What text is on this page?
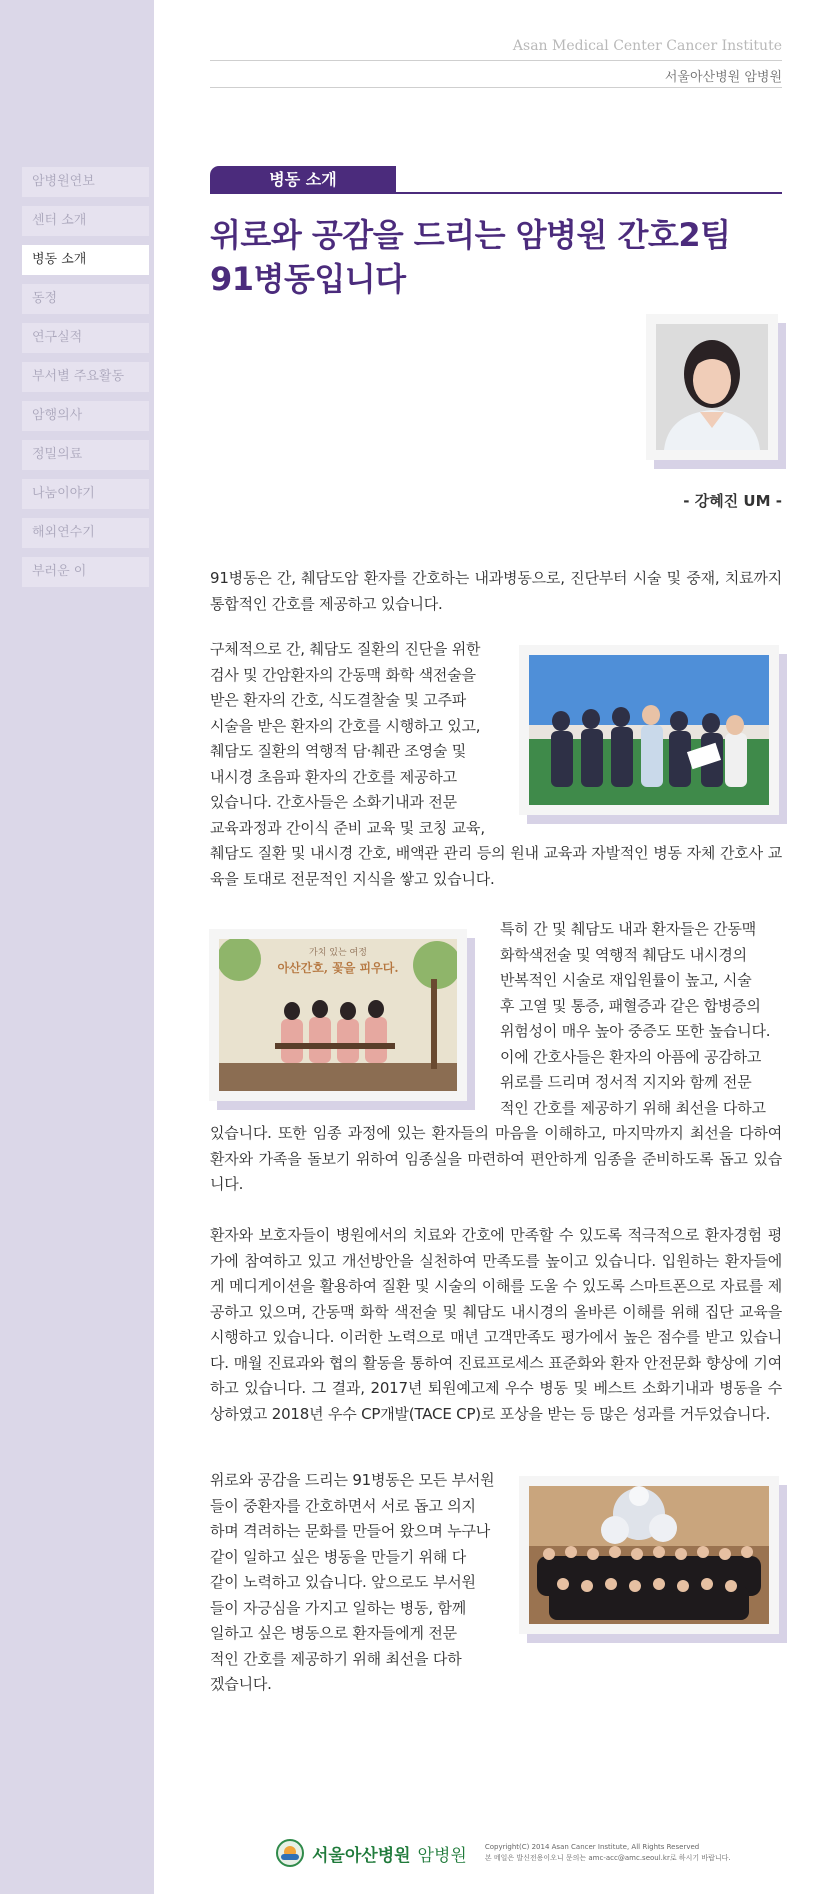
암병원연보
센터 소개
병동 소개
동정
연구실적
부서별 주요활동
암행의사
정밀의료
나눔이야기
해외연수기
부러운 이
Asan Medical Center Cancer Institute
서울아산병원 암병원
병동 소개
위로와 공감을 드리는 암병원 간호2팀
91병동입니다
- 강혜진 UM -
91병동은 간, 췌담도암 환자를 간호하는 내과병동으로, 진단부터 시술 및 중재, 치료까지 통합적인 간호를 제공하고 있습니다.
구체적으로 간, 췌담도 질환의 진단을 위한
검사 및 간암환자의 간동맥 화학 색전술을
받은 환자의 간호, 식도결찰술 및 고주파
시술을 받은 환자의 간호를 시행하고 있고,
췌담도 질환의 역행적 담·췌관 조영술 및
내시경 초음파 환자의 간호를 제공하고
있습니다. 간호사들은 소화기내과 전문
교육과정과 간이식 준비 교육 및 코칭 교육,
췌담도 질환 및 내시경 간호, 배액관 관리 등의 원내 교육과 자발적인 병동 자체 간호사 교육을 토대로 전문적인 지식을 쌓고 있습니다.
가치 있는 여정
아산간호, 꽃을 피우다.
특히 간 및 췌담도 내과 환자들은 간동맥
화학색전술 및 역행적 췌담도 내시경의
반복적인 시술로 재입원률이 높고, 시술
후 고열 및 통증, 패혈증과 같은 합병증의
위험성이 매우 높아 중증도 또한 높습니다.
이에 간호사들은 환자의 아픔에 공감하고
위로를 드리며 정서적 지지와 함께 전문
적인 간호를 제공하기 위해 최선을 다하고
있습니다. 또한 임종 과정에 있는 환자들의 마음을 이해하고, 마지막까지 최선을 다하여 환자와 가족을 돌보기 위하여 임종실을 마련하여 편안하게 임종을 준비하도록 돕고 있습니다.
환자와 보호자들이 병원에서의 치료와 간호에 만족할 수 있도록 적극적으로 환자경험 평가에 참여하고 있고 개선방안을 실천하여 만족도를 높이고 있습니다. 입원하는 환자들에게 메디게이션을 활용하여 질환 및 시술의 이해를 도울 수 있도록 스마트폰으로 자료를 제공하고 있으며, 간동맥 화학 색전술 및 췌담도 내시경의 올바른 이해를 위해 집단 교육을 시행하고 있습니다. 이러한 노력으로 매년 고객만족도 평가에서 높은 점수를 받고 있습니다. 매월 진료과와 협의 활동을 통하여 진료프로세스 표준화와 환자 안전문화 향상에 기여하고 있습니다. 그 결과, 2017년 퇴원예고제 우수 병동 및 베스트 소화기내과 병동을 수상하였고 2018년 우수 CP개발(TACE CP)로 포상을 받는 등 많은 성과를 거두었습니다.
위로와 공감을 드리는 91병동은 모든 부서원
들이 중환자를 간호하면서 서로 돕고 의지
하며 격려하는 문화를 만들어 왔으며 누구나
같이 일하고 싶은 병동을 만들기 위해 다
같이 노력하고 있습니다. 앞으로도 부서원
들이 자긍심을 가지고 일하는 병동, 함께
일하고 싶은 병동으로 환자들에게 전문
적인 간호를 제공하기 위해 최선을 다하
겠습니다.
서울아산병원 암병원	Copyright(C) 2014 Asan Cancer Institute, All Rights Reserved
본 메일은 발신전용이오니 문의는 amc-acc@amc.seoul.kr로 하시기 바랍니다.
